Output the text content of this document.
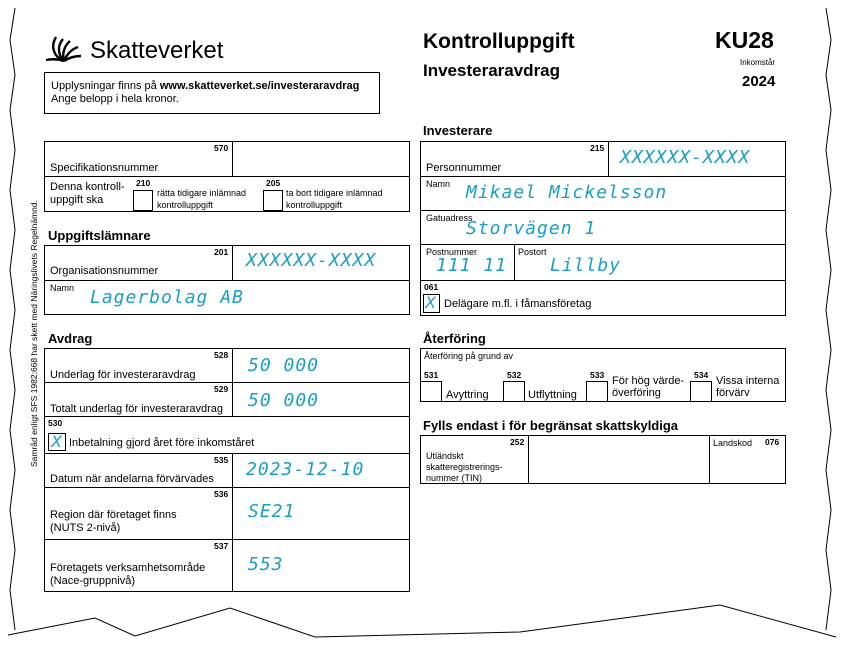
Skatteverket
Upplysningar finns på www.skatteverket.se/investeraravdrag
Ange belopp i hela kronor.
Kontrolluppgift
Investeraravdrag
KU28
Inkomstår
2024
Samråd enligt SFS 1982:668 har skett med Näringslivets Regelnämnd.
570
Specifikationsnummer
Denna kontroll- uppgift ska
210
rätta tidigare inlämnad kontrolluppgift
205
ta bort tidigare inlämnad kontrolluppgift
Uppgiftslämnare
201
Organisationsnummer	XXXXXX-XXXX
Namn Lagerbolag AB
Avdrag
528
Underlag för investeraravdrag	50 000
529
Totalt underlag för investeraravdrag 50 000
530
X Inbetalning gjord året före inkomståret
535
Datum när andelarna förvärvades 2023-12-10
536
Region där företaget finns (NUTS 2-nivå)
SE21
537
Företagets verksamhetsområde (Nace-gruppnivå)
553
Investerare
215
Personnummer	XXXXXX-XXXX
Namn Mikael Mickelsson
Gatuadress
Storvägen 1
Postnummer
111 11
Postort
Lillby
061
X Delägare m.fl. i fåmansföretag
Återföring
Återföring på grund av
531
Avyttring
532
Utflyttning
533 För hög värde- överföring
534 Vissa interna förvärv
Fylls endast i för begränsat skattskyldiga
252
Utländskt skatteregistrerings- nummer (TIN)
Landskod 076
